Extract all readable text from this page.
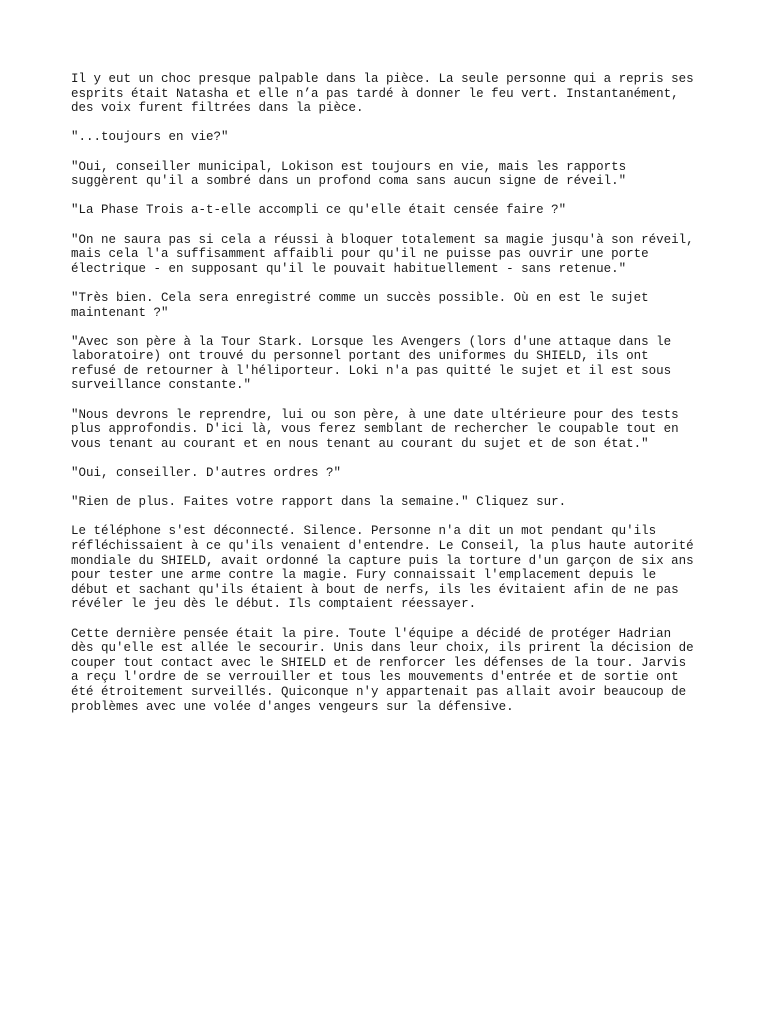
Il y eut un choc presque palpable dans la pièce. La seule personne qui a repris ses
esprits était Natasha et elle n’a pas tardé à donner le feu vert. Instantanément,
des voix furent filtrées dans la pièce.

"...toujours en vie?"

"Oui, conseiller municipal, Lokison est toujours en vie, mais les rapports
suggèrent qu'il a sombré dans un profond coma sans aucun signe de réveil."

"La Phase Trois a-t-elle accompli ce qu'elle était censée faire ?"

"On ne saura pas si cela a réussi à bloquer totalement sa magie jusqu'à son réveil,
mais cela l'a suffisamment affaibli pour qu'il ne puisse pas ouvrir une porte
électrique - en supposant qu'il le pouvait habituellement - sans retenue."

"Très bien. Cela sera enregistré comme un succès possible. Où en est le sujet
maintenant ?"

"Avec son père à la Tour Stark. Lorsque les Avengers (lors d'une attaque dans le
laboratoire) ont trouvé du personnel portant des uniformes du SHIELD, ils ont
refusé de retourner à l'héliporteur. Loki n'a pas quitté le sujet et il est sous
surveillance constante."

"Nous devrons le reprendre, lui ou son père, à une date ultérieure pour des tests
plus approfondis. D'ici là, vous ferez semblant de rechercher le coupable tout en
vous tenant au courant et en nous tenant au courant du sujet et de son état."

"Oui, conseiller. D'autres ordres ?"

"Rien de plus. Faites votre rapport dans la semaine." Cliquez sur.

Le téléphone s'est déconnecté. Silence. Personne n'a dit un mot pendant qu'ils
réfléchissaient à ce qu'ils venaient d'entendre. Le Conseil, la plus haute autorité
mondiale du SHIELD, avait ordonné la capture puis la torture d'un garçon de six ans
pour tester une arme contre la magie. Fury connaissait l'emplacement depuis le
début et sachant qu'ils étaient à bout de nerfs, ils les évitaient afin de ne pas
révéler le jeu dès le début. Ils comptaient réessayer.

Cette dernière pensée était la pire. Toute l'équipe a décidé de protéger Hadrian
dès qu'elle est allée le secourir. Unis dans leur choix, ils prirent la décision de
couper tout contact avec le SHIELD et de renforcer les défenses de la tour. Jarvis
a reçu l'ordre de se verrouiller et tous les mouvements d'entrée et de sortie ont
été étroitement surveillés. Quiconque n'y appartenait pas allait avoir beaucoup de
problèmes avec une volée d'anges vengeurs sur la défensive.
